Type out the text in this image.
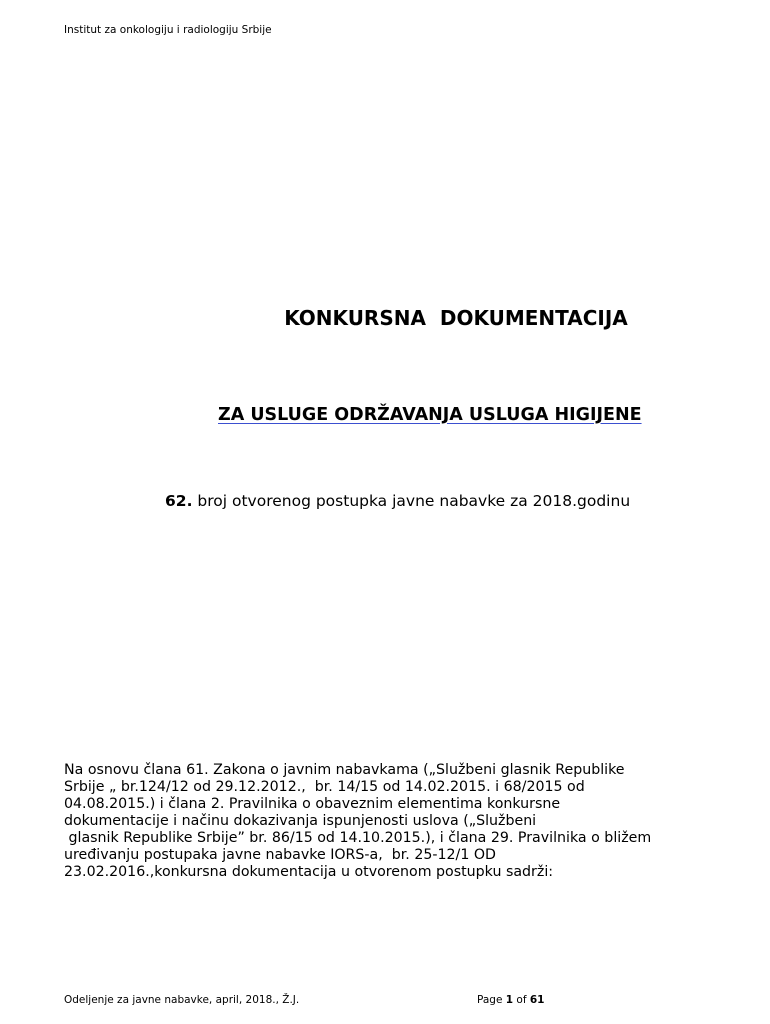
Institut za onkologiju i radiologiju Srbije
KONKURSNA  DOKUMENTACIJA
ZA USLUGE ODRŽAVANJA USLUGA HIGIJENE
62. broj otvorenog postupka javne nabavke za 2018.godinu
Na osnovu člana 61. Zakona o javnim nabavkama („Službeni glasnik Republike
Srbije „ br.124/12 od 29.12.2012.,  br. 14/15 od 14.02.2015. i 68/2015 od
04.08.2015.) i člana 2. Pravilnika o obaveznim elementima konkursne
dokumentacije i načinu dokazivanja ispunjenosti uslova („Službeni
glasnik Republike Srbije” br. 86/15 od 14.10.2015.), i člana 29. Pravilnika o bližem
uređivanju postupaka javne nabavke IORS-a,  br. 25-12/1 OD
23.02.2016.,konkursna dokumentacija u otvorenom postupku sadrži:
Odeljenje za javne nabavke, april, 2018., Ž.J.	Page 1 of 61
